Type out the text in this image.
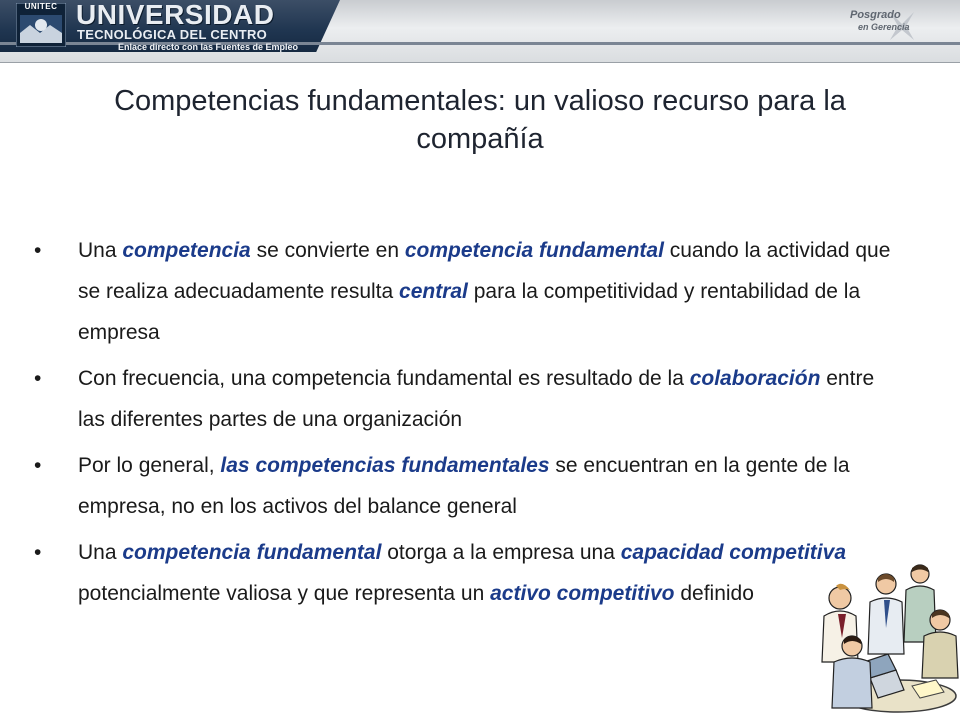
UNITEC UNIVERSIDAD
TECNOLÓGICA DEL CENTRO
Enlace directo con las Fuentes de Empleo
Posgrado
en Gerencia
Competencias fundamentales: un valioso recurso para la
compañía
• Una competencia se convierte en competencia fundamental cuando la actividad que se realiza adecuadamente resulta central para la competitividad y rentabilidad de la empresa
• Con frecuencia, una competencia fundamental es resultado de la colaboración entre las diferentes partes de una organización
• Por lo general, las competencias fundamentales se encuentran en la gente de la empresa, no en los activos del balance general
• Una competencia fundamental otorga a la empresa una capacidad competitiva potencialmente valiosa y que representa un activo competitivo definido
